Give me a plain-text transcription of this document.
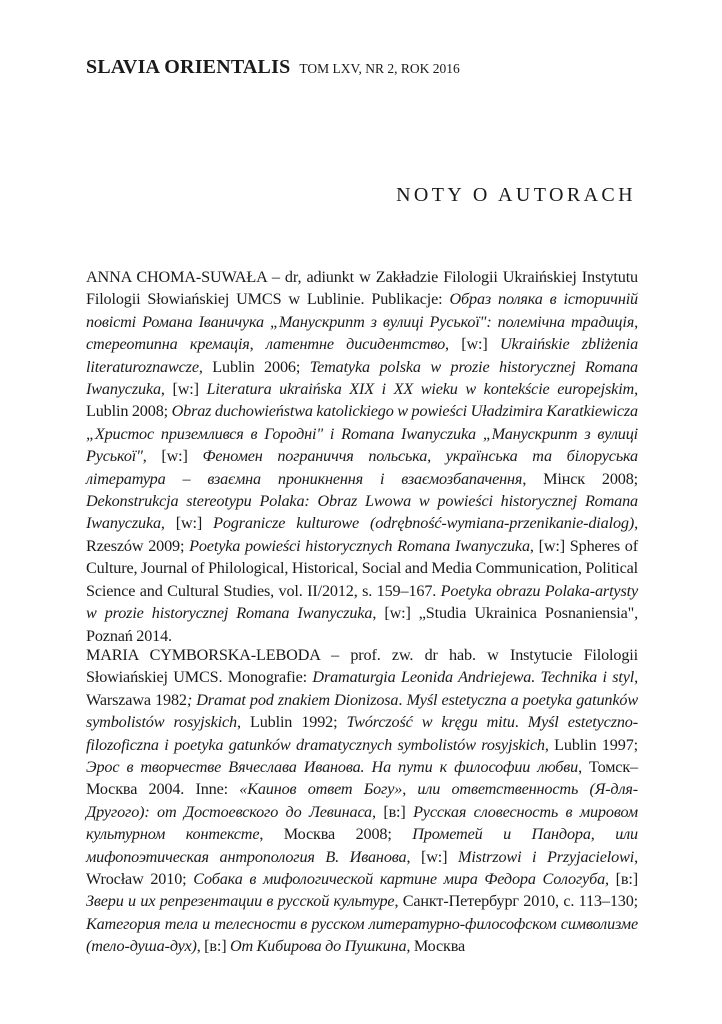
SLAVIA ORIENTALIS TOM LXV, NR 2, ROK 2016
NOTY O AUTORACH

ANNA CHOMA-SUWAŁA – dr, adiunkt w Zakładzie Filologii Ukraińskiej Instytutu Filologii Słowiańskiej UMCS w Lublinie. Publikacje: Образ поляка в історичній повісті Романа Іваничука „Манускрипт з вулиці Руської": полемічна традиція, стереотипна кремація, латентне дисидентство, [w:] Ukraińskie zbliżenia literaturoznawcze, Lublin 2006; Tematyka polska w prozie historycznej Romana Iwanyczuka, [w:] Literatura ukraińska XIX i XX wieku w kontekście europejskim, Lublin 2008; Obraz duchowieństwa katolickiego w powieści Uładzimira Karatkiewicza „Христос приземлився в Городні" i Romana Iwanyczuka „Манускрипт з вулиці Руської", [w:] Феномен пограниччя польська, українська та білоруська література – взаємна проникнення і взаємозбапачення, Мінск 2008; Dekonstrukcja stereotypu Polaka: Obraz Lwowa w powieści historycznej Romana Iwanyczuka, [w:] Pogranicze kulturowe (odrębność-wymiana-przenikanie-dialog), Rzeszów 2009; Poetyka powieści historycznych Romana Iwanyczuka, [w:] Spheres of Culture, Journal of Philological, Historical, Social and Media Communication, Political Science and Cultural Studies, vol. II/2012, s. 159–167. Poetyka obrazu Polaka-artysty w prozie historycznej Romana Iwanyczuka, [w:] „Studia Ukrainica Posnaniensia", Poznań 2014.

MARIA CYMBORSKA-LEBODA – prof. zw. dr hab. w Instytucie Filologii Słowiańskiej UMCS. Monografie: Dramaturgia Leonida Andriejewa. Technika i styl, Warszawa 1982; Dramat pod znakiem Dionizosa. Myśl estetyczna a poetyka gatunków symbolistów rosyjskich, Lublin 1992; Twórczość w kręgu mitu. Myśl estetyczno-filozoficzna i poetyka gatunków dramatycznych symbolistów rosyjskich, Lublin 1997; Эрос в творчестве Вячеслава Иванова. На пути к философии любви, Томск–Москва 2004. Inne: «Каинов ответ Богу», или ответственность (Я-для-Другого): от Достоевского до Левинаса, [в:] Русская словесность в мировом культурном контексте, Москва 2008; Прометей и Пандора, или мифопоэтическая антропология В. Иванова, [w:] Mistrzowi i Przyjacielowi, Wrocław 2010; Собака в мифологической картине мира Федора Сологуба, [в:] Звери и их репрезентации в русской культуре, Санкт-Петербург 2010, с. 113–130; Категория тела и телесности в русском литературно-философском символизме (тело-душа-дух), [в:] От Кибирова до Пушкина, Москва
